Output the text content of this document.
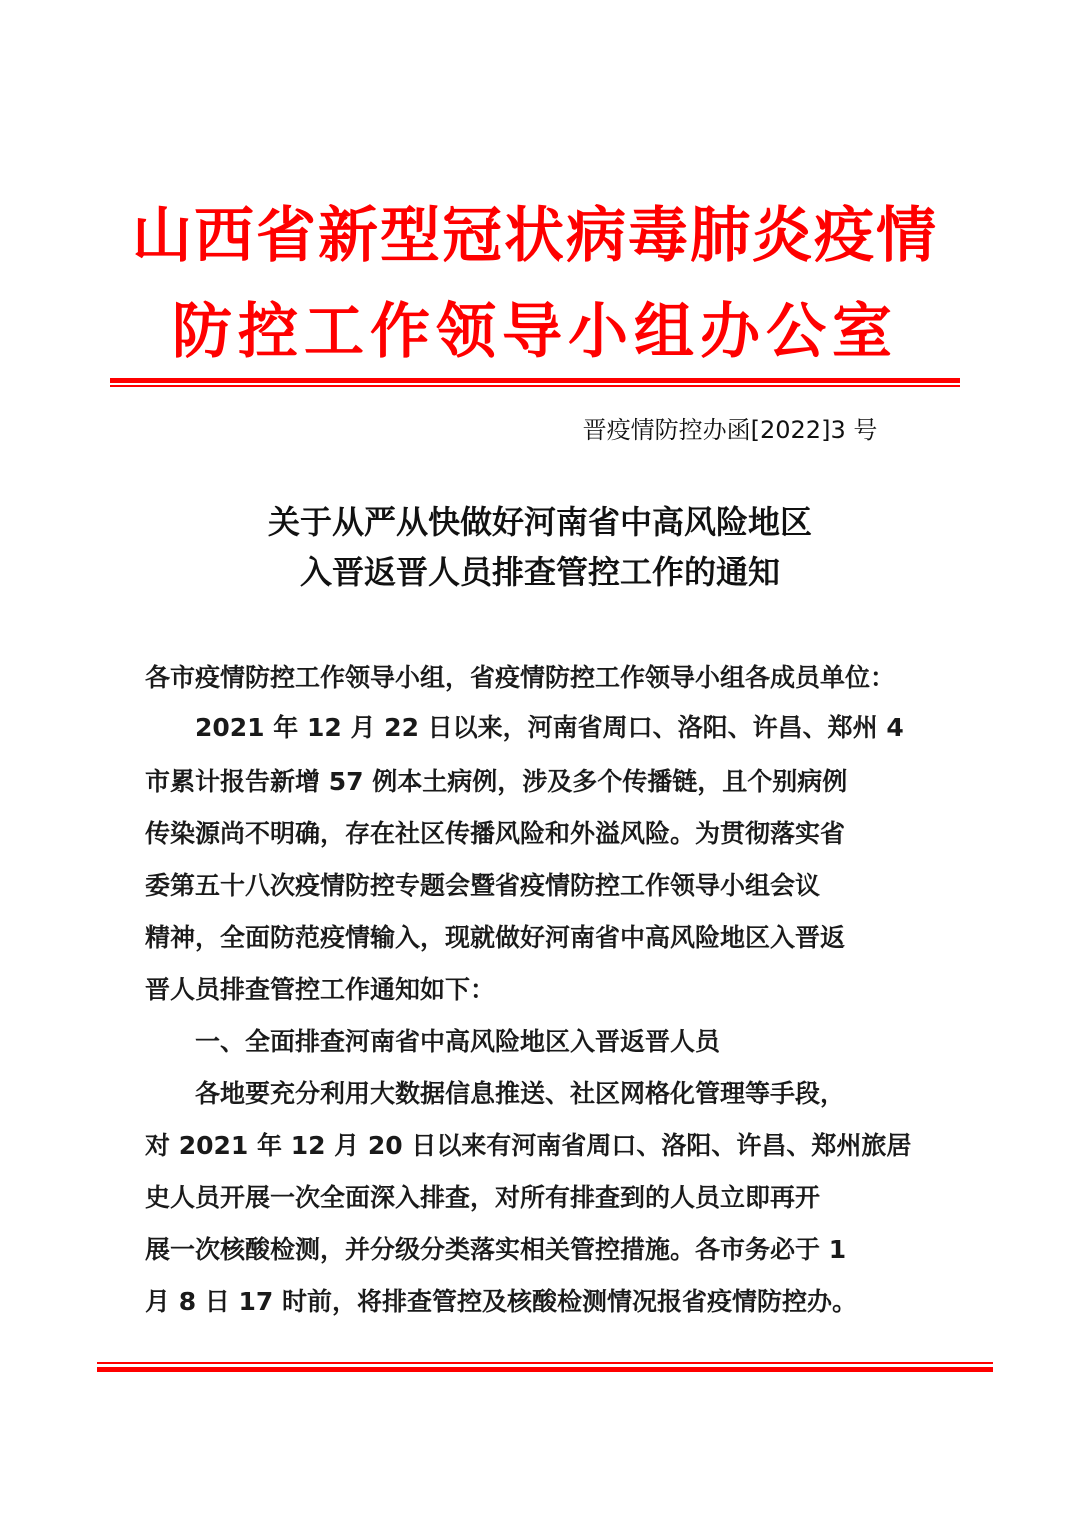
山西省新型冠状病毒肺炎疫情
防控工作领导小组办公室
晋疫情防控办函[2022]3 号
关于从严从快做好河南省中高风险地区
入晋返晋人员排查管控工作的通知
各市疫情防控工作领导小组，省疫情防控工作领导小组各成员单位：
　　2021 年 12 月 22 日以来，河南省周口、洛阳、许昌、郑州 4
市累计报告新增 57 例本土病例，涉及多个传播链，且个别病例
传染源尚不明确，存在社区传播风险和外溢风险。为贯彻落实省
委第五十八次疫情防控专题会暨省疫情防控工作领导小组会议
精神，全面防范疫情输入，现就做好河南省中高风险地区入晋返
晋人员排查管控工作通知如下：
　　一、全面排查河南省中高风险地区入晋返晋人员
　　各地要充分利用大数据信息推送、社区网格化管理等手段，
对 2021 年 12 月 20 日以来有河南省周口、洛阳、许昌、郑州旅居
史人员开展一次全面深入排查，对所有排查到的人员立即再开
展一次核酸检测，并分级分类落实相关管控措施。各市务必于 1
月 8 日 17 时前，将排查管控及核酸检测情况报省疫情防控办。
